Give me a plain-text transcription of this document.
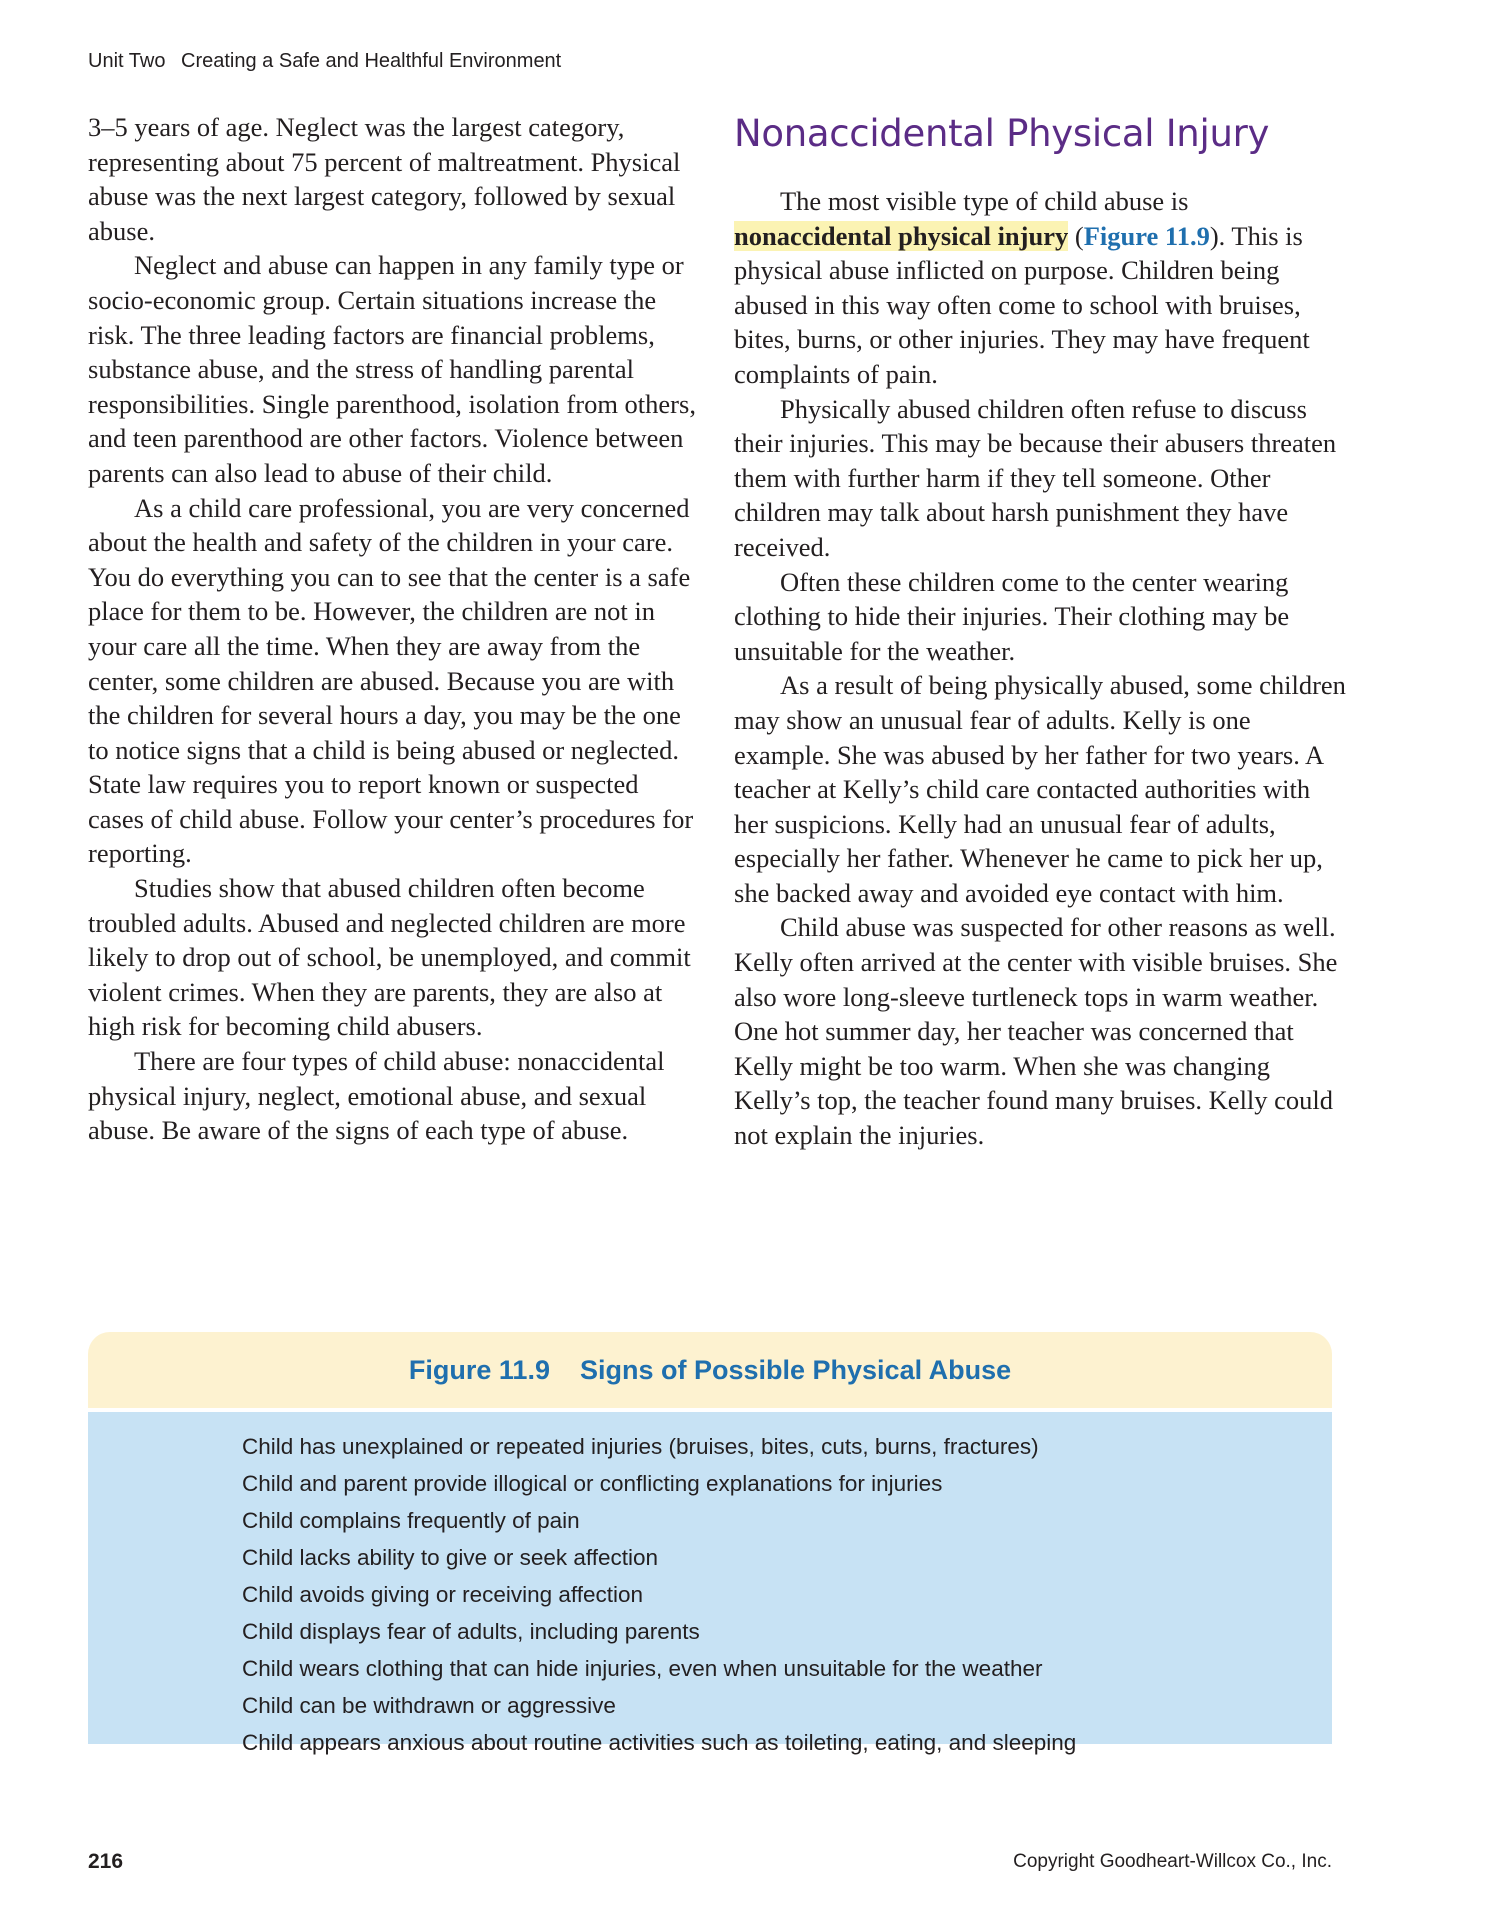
Unit Two Creating a Safe and Healthful Environment

3–5 years of age. Neglect was the largest category, representing about 75 percent of maltreatment. Physical abuse was the next largest category, followed by sexual abuse.

Neglect and abuse can happen in any family type or socio-economic group. Certain situations increase the risk. The three leading factors are financial problems, substance abuse, and the stress of handling parental responsibilities. Single parenthood, isolation from others, and teen parenthood are other factors. Violence between parents can also lead to abuse of their child.

As a child care professional, you are very concerned about the health and safety of the children in your care. You do everything you can to see that the center is a safe place for them to be. However, the children are not in your care all the time. When they are away from the center, some children are abused. Because you are with the children for several hours a day, you may be the one to notice signs that a child is being abused or neglected. State law requires you to report known or suspected cases of child abuse. Follow your center’s procedures for reporting.

Studies show that abused children often become troubled adults. Abused and neglected children are more likely to drop out of school, be unemployed, and commit violent crimes. When they are parents, they are also at high risk for becoming child abusers.

There are four types of child abuse: nonaccidental physical injury, neglect, emotional abuse, and sexual abuse. Be aware of the signs of each type of abuse.

Nonaccidental Physical Injury

The most visible type of child abuse is nonaccidental physical injury (Figure 11.9). This is physical abuse inflicted on purpose. Children being abused in this way often come to school with bruises, bites, burns, or other injuries. They may have frequent complaints of pain.

Physically abused children often refuse to discuss their injuries. This may be because their abusers threaten them with further harm if they tell someone. Other children may talk about harsh punishment they have received.

Often these children come to the center wearing clothing to hide their injuries. Their clothing may be unsuitable for the weather.

As a result of being physically abused, some children may show an unusual fear of adults. Kelly is one example. She was abused by her father for two years. A teacher at Kelly’s child care contacted authorities with her suspicions. Kelly had an unusual fear of adults, especially her father. Whenever he came to pick her up, she backed away and avoided eye contact with him.

Child abuse was suspected for other reasons as well. Kelly often arrived at the center with visible bruises. She also wore long-sleeve turtleneck tops in warm weather. One hot summer day, her teacher was concerned that Kelly might be too warm. When she was changing Kelly’s top, the teacher found many bruises. Kelly could not explain the injuries.

Figure 11.9 Signs of Possible Physical Abuse
Child has unexplained or repeated injuries (bruises, bites, cuts, burns, fractures)
Child and parent provide illogical or conflicting explanations for injuries
Child complains frequently of pain
Child lacks ability to give or seek affection
Child avoids giving or receiving affection
Child displays fear of adults, including parents
Child wears clothing that can hide injuries, even when unsuitable for the weather
Child can be withdrawn or aggressive
Child appears anxious about routine activities such as toileting, eating, and sleeping
216	Copyright Goodheart-Willcox Co., Inc.
